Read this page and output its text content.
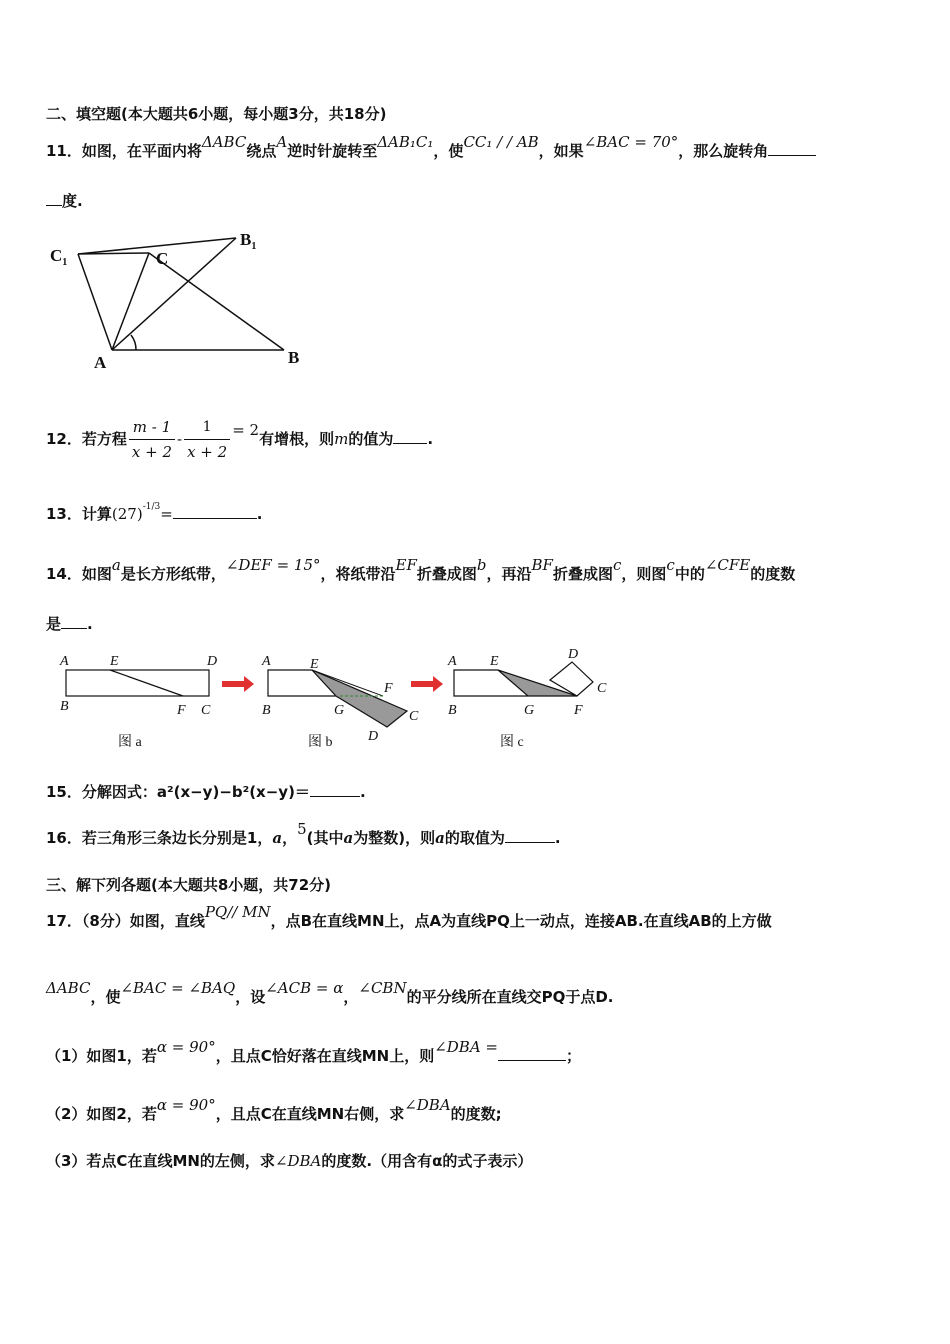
二、填空题(本大题共6小题，每小题3分，共18分)
11．如图，在平面内将ΔABC绕点A逆时针旋转至ΔAB₁C₁，使CC₁ / / AB，如果∠BAC = 70°，那么旋转角
度.
$C_1$	C
$B_1$
A	B
12．若方程 $\frac{m - 1}{x + 2} - \frac{1}{x + 2} = 2$有增根，则m的值为 .
13．计算$(27)^{-1/3}=$	.
14．如图a是长方形纸带，∠DEF = 15°，将纸带沿EF折叠成图b，再沿BF折叠成图c，则图c中的∠CFE的度数
是 .
A	E	D
B	F C
图 a
A	E
F
B	G	C
D
图 b
A E	D
C
B	G	F
图 c
15．分解因式：a²(x−y)−b²(x−y)＝	.
16．若三角形三条边长分别是1，a，5(其中a为整数)，则a的取值为	.
三、解下列各题(本大题共8小题，共72分)
17．（8分）如图，直线PQ// MN，点B在直线MN上，点A为直线PQ上一动点，连接AB.在直线AB的上方做
ΔABC，使∠BAC = ∠BAQ，设∠ACB = α，∠CBN的平分线所在直线交PQ于点D.
（1）如图1，若α = 90°，且点C恰好落在直线MN上，则∠DBA =	；
（2）如图2，若α = 90°，且点C在直线MN右侧，求∠DBA的度数;
（3）若点C在直线MN的左侧，求∠DBA的度数.（用含有α的式子表示）
